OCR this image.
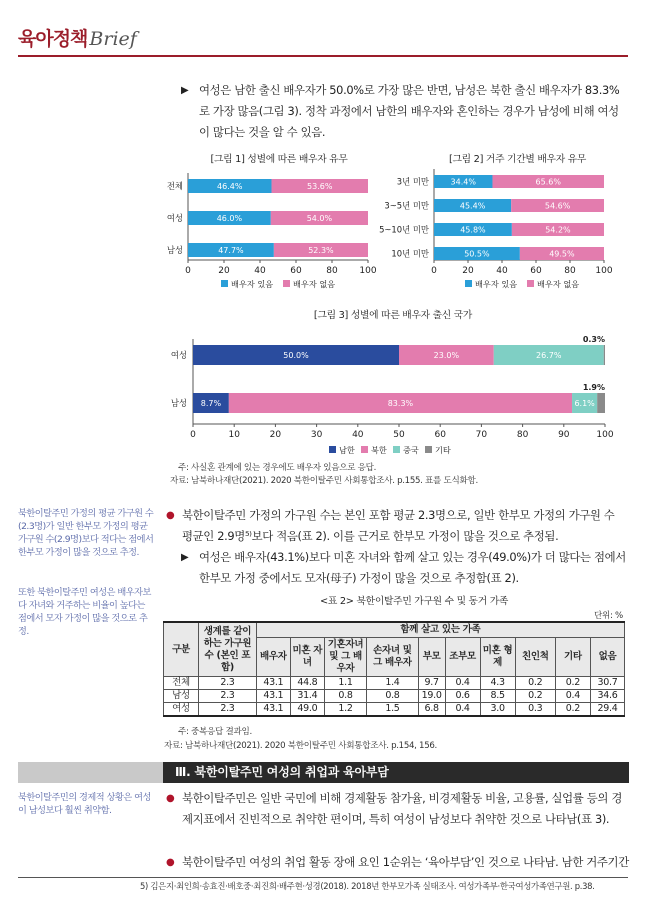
육아정책 Brief
▶ 여성은 남한 출신 배우자가 50.0%로 가장 많은 반면, 남성은 북한 출신 배우자가 83.3%로 가장 많음(그림 3). 정착 과정에서 남한의 배우자와 혼인하는 경우가 남성에 비해 여성이 많다는 것을 알 수 있음.
[그림 1] 성별에 따른 배우자 유무
0	20	40	60	80 100
전체	46.4%	53.6%
여성	46.0%	54.0%
남성	47.7%	52.3%
배우자 있음 배우자 없음
[그림 2] 거주 기간별 배우자 유무
0	20	40	60	80 100
3년 미만	34.4%	65.6%
3~5년 미만	45.4%	54.6%
5~10년 미만	45.8%	54.2%
10년 미만	50.5%	49.5%
배우자 있음 배우자 없음
[그림 3] 성별에 따른 배우자 출신 국가
0	10	20	30	40	50	60	70	80	90	100
여성	50.0%	23.0%	26.7%
0.3%
남성 8.7%	83.3%	6.1%
1.9%
남한 북한 중국 기타
주: 사실혼 관계에 있는 경우에도 배우자 있음으로 응답.
자료: 남북하나재단(2021). 2020 북한이탈주민 사회통합조사. p.155. 표를 도식화함.
북한이탈주민 가정의 평균 가구원 수(2.3명)가 일반 한부모 가정의 평균 가구원 수(2.9명)보다 적다는 점에서 한부모 가정이 많을 것으로 추정.
또한 북한이탈주민 여성은 배우자보다 자녀와 거주하는 비율이 높다는 점에서 모자 가정이 많을 것으로 추정.
● 북한이탈주민 가정의 가구원 수는 본인 포함 평균 2.3명으로, 일반 한부모 가정의 가구원 수 평균인 2.9명⁵⁾보다 적음(표 2). 이를 근거로 한부모 가정이 많을 것으로 추정됨.
▶ 여성은 배우자(43.1%)보다 미혼 자녀와 함께 살고 있는 경우(49.0%)가 더 많다는 점에서 한부모 가정 중에서도 모자(母子) 가정이 많을 것으로 추정함(표 2).
<표 2> 북한이탈주민 가구원 수 및 동거 가족
단위: %
구분	생계를 같이하는 가구원 수 (본인 포함)	함께 살고 있는 가족									
		배우자	미혼 자녀	기혼자녀 및 그 배우자	손자녀 및 그 배우자	부모	조부모	미혼 형제	친인척	기타	없음
전체	2.3	43.1	44.8	1.1	1.4	9.7	0.4	4.3	0.2	0.2	30.7
남성	2.3	43.1	31.4	0.8	0.8	19.0	0.6	8.5	0.2	0.4	34.6
여성	2.3	43.1	49.0	1.2	1.5	6.8	0.4	3.0	0.3	0.2	29.4
주: 중복응답 결과임.
자료: 남북하나재단(2021). 2020 북한이탈주민 사회통합조사. p.154, 156.
Ⅲ. 북한이탈주민 여성의 취업과 육아부담
북한이탈주민의 경제적 상황은 여성이 남성보다 훨씬 취약함.
● 북한이탈주민은 일반 국민에 비해 경제활동 참가율, 비경제활동 비율, 고용률, 실업률 등의 경제지표에서 진빈적으로 취약한 편이며, 특히 여성이 남성보다 취약한 것으로 나타남(표 3).
● 북한이탈주민 여성의 취업 활동 장애 요인 1순위는 ‘육아부담’인 것으로 나타남. 남한 거주기간
5) 김은지·최인희·송효진·배호중·최진희·배주현·성경(2018). 2018년 한부모가족 실태조사. 여성가족부·한국여성가족연구원. p.38.
